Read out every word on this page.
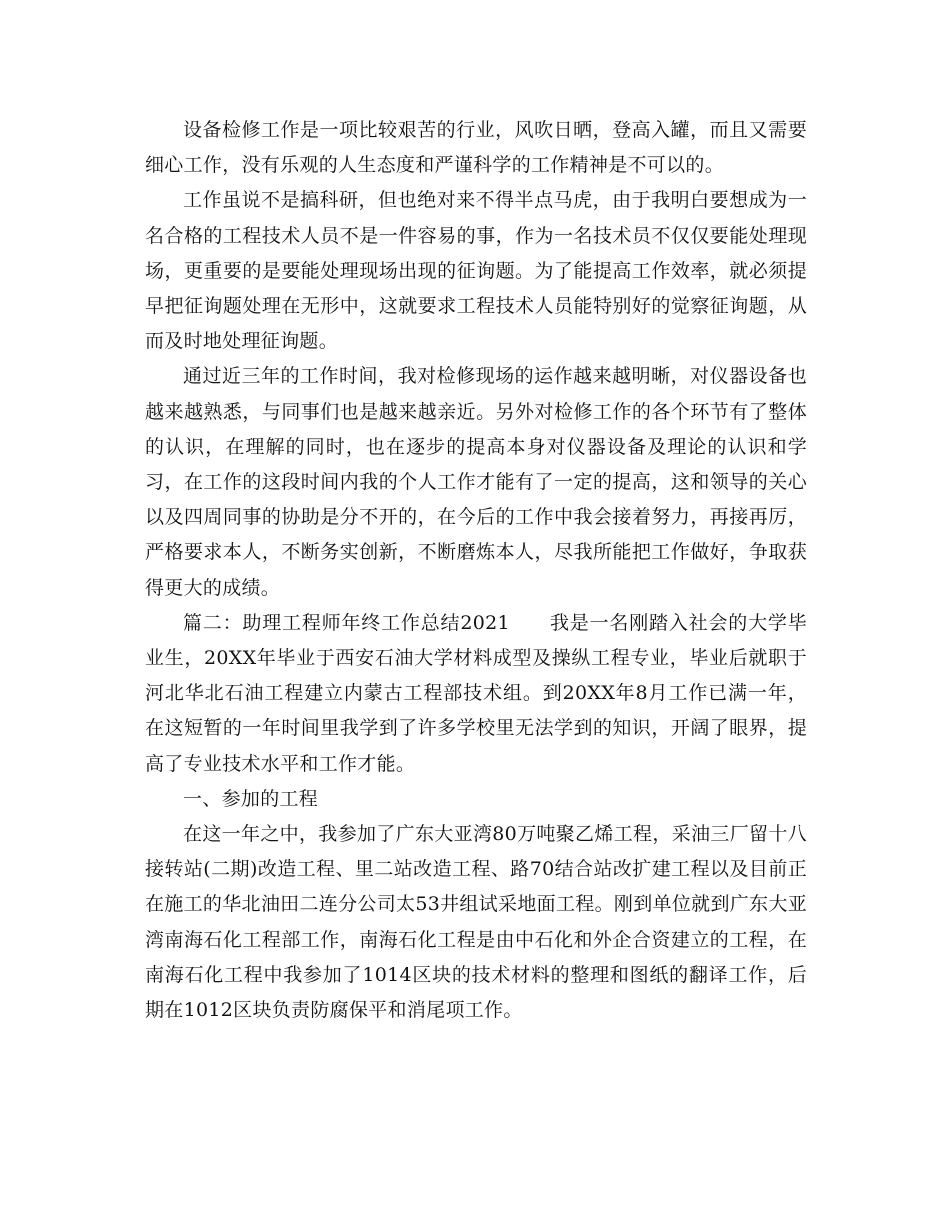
设备检修工作是一项比较艰苦的行业，风吹日晒，登高入罐，而且又需要细心工作，没有乐观的人生态度和严谨科学的工作精神是不可以的。

工作虽说不是搞科研，但也绝对来不得半点马虎，由于我明白要想成为一名合格的工程技术人员不是一件容易的事，作为一名技术员不仅仅要能处理现场，更重要的是要能处理现场出现的征询题。为了能提高工作效率，就必须提早把征询题处理在无形中，这就要求工程技术人员能特别好的觉察征询题，从而及时地处理征询题。

通过近三年的工作时间，我对检修现场的运作越来越明晰，对仪器设备也越来越熟悉，与同事们也是越来越亲近。另外对检修工作的各个环节有了整体的认识，在理解的同时，也在逐步的提高本身对仪器设备及理论的认识和学习，在工作的这段时间内我的个人工作才能有了一定的提高，这和领导的关心以及四周同事的协助是分不开的，在今后的工作中我会接着努力，再接再厉，严格要求本人，不断务实创新，不断磨炼本人，尽我所能把工作做好，争取获得更大的成绩。

篇二：助理工程师年终工作总结2021　　我是一名刚踏入社会的大学毕业生，20XX年毕业于西安石油大学材料成型及操纵工程专业，毕业后就职于河北华北石油工程建立内蒙古工程部技术组。到20XX年8月工作已满一年，在这短暂的一年时间里我学到了许多学校里无法学到的知识，开阔了眼界，提高了专业技术水平和工作才能。

一、参加的工程

在这一年之中，我参加了广东大亚湾80万吨聚乙烯工程，采油三厂留十八接转站(二期)改造工程、里二站改造工程、路70结合站改扩建工程以及目前正在施工的华北油田二连分公司太53井组试采地面工程。刚到单位就到广东大亚湾南海石化工程部工作，南海石化工程是由中石化和外企合资建立的工程，在南海石化工程中我参加了1014区块的技术材料的整理和图纸的翻译工作，后期在1012区块负责防腐保平和消尾项工作。
